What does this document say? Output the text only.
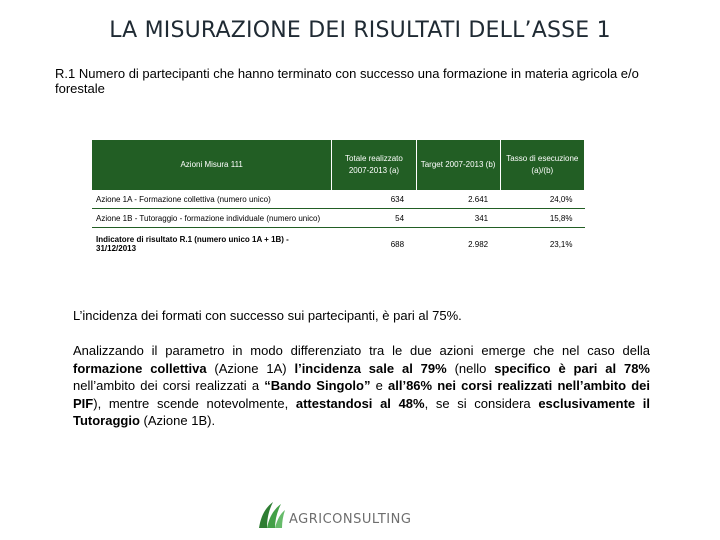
LA MISURAZIONE DEI RISULTATI DELL’ASSE 1
R.1 Numero di partecipanti che hanno terminato con successo una formazione in materia agricola e/o forestale
Azioni Misura 111	Totale realizzato 2007-2013 (a)	Target 2007-2013 (b)	Tasso di esecuzione (a)/(b)
Azione 1A - Formazione collettiva (numero unico)	634	2.641	24,0%
Azione 1B - Tutoraggio - formazione individuale (numero unico)	54	341	15,8%
Indicatore di risultato R.1 (numero unico 1A + 1B) - 31/12/2013	688	2.982	23,1%
L’incidenza dei formati con successo sui partecipanti, è pari al 75%.
Analizzando il parametro in modo differenziato tra le due azioni emerge che nel caso della formazione collettiva (Azione 1A) l’incidenza sale al 79% (nello specifico è pari al 78% nell’ambito dei corsi realizzati a “Bando Singolo” e all’86% nei corsi realizzati nell’ambito dei PIF), mentre scende notevolmente, attestandosi al 48%, se si considera esclusivamente il Tutoraggio (Azione 1B).
AGRICONSULTING
